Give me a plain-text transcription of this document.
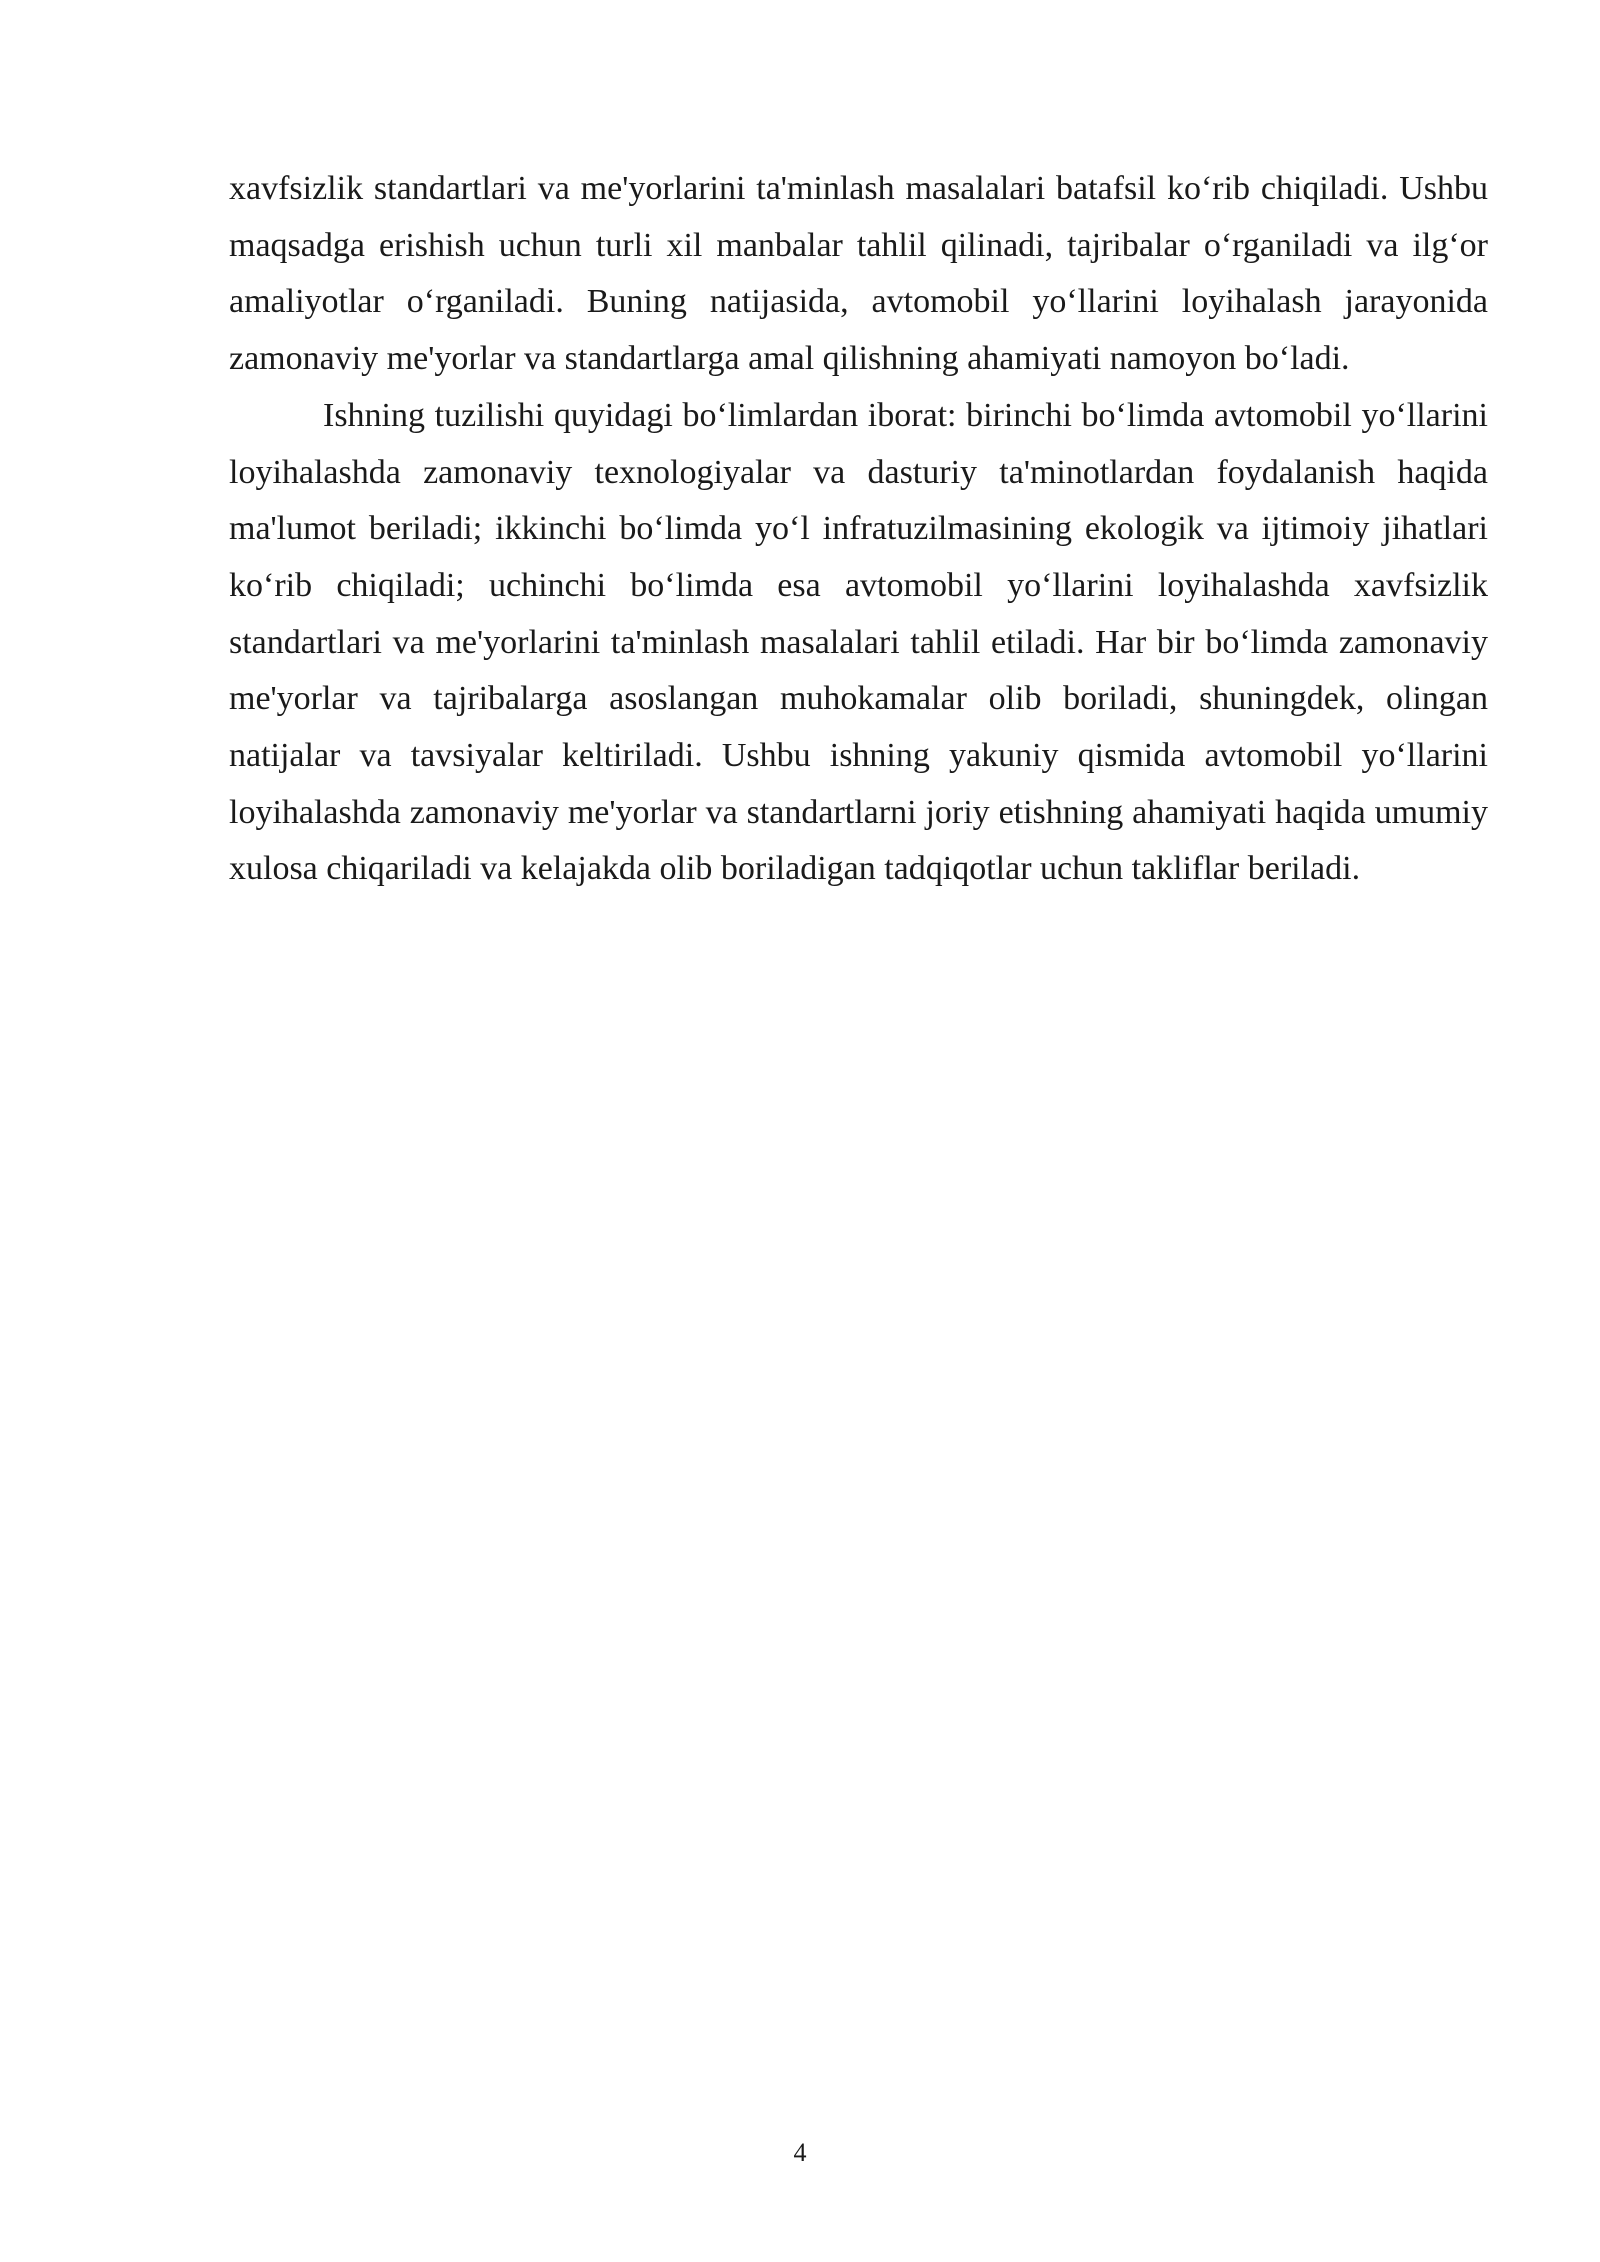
xavfsizlik standartlari va me'yorlarini ta'minlash masalalari batafsil ko‘rib chiqiladi. Ushbu maqsadga erishish uchun turli xil manbalar tahlil qilinadi, tajribalar o‘rganiladi va ilg‘or amaliyotlar o‘rganiladi. Buning natijasida, avtomobil yo‘llarini loyihalash jarayonida zamonaviy me'yorlar va standartlarga amal qilishning ahamiyati namoyon bo‘ladi.

Ishning tuzilishi quyidagi bo‘limlardan iborat: birinchi bo‘limda avtomobil yo‘llarini loyihalashda zamonaviy texnologiyalar va dasturiy ta'minotlardan foydalanish haqida ma'lumot beriladi; ikkinchi bo‘limda yo‘l infratuzilmasining ekologik va ijtimoiy jihatlari ko‘rib chiqiladi; uchinchi bo‘limda esa avtomobil yo‘llarini loyihalashda xavfsizlik standartlari va me'yorlarini ta'minlash masalalari tahlil etiladi. Har bir bo‘limda zamonaviy me'yorlar va tajribalarga asoslangan muhokamalar olib boriladi, shuningdek, olingan natijalar va tavsiyalar keltiriladi. Ushbu ishning yakuniy qismida avtomobil yo‘llarini loyihalashda zamonaviy me'yorlar va standartlarni joriy etishning ahamiyati haqida umumiy xulosa chiqariladi va kelajakda olib boriladigan tadqiqotlar uchun takliflar beriladi.

4
